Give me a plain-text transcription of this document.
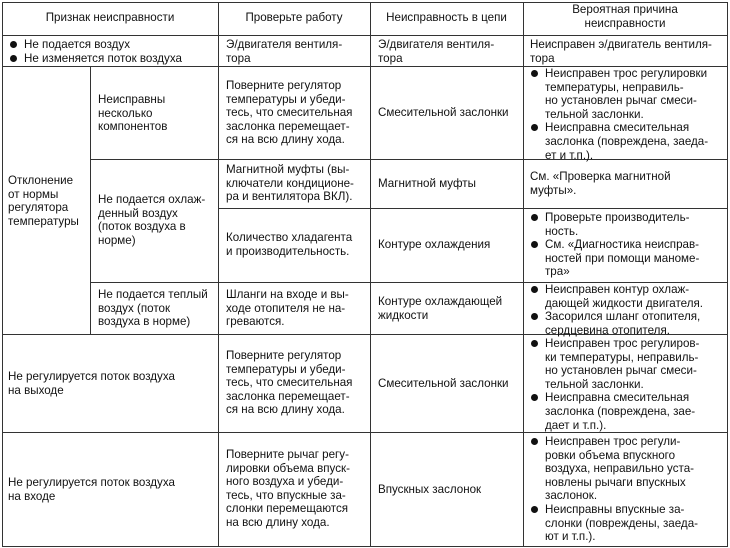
Признак неисправности	Проверьте работу	Неисправность в цепи
Вероятная причина
неисправности
Не подается воздух
Не изменяется поток воздуха
Э/двигателя вентиля-
тора
Э/двигателя вентиля-
тора
Неисправен э/двигатель вентиля-
тора
Отклонение
от нормы
регулятора
температуры
Неисправны
несколько
компонентов
Поверните регулятор
температуры и убеди-
тесь, что смесительная
заслонка перемещает-
ся на всю длину хода.
Смесительной заслонки
Неисправен трос регулировки
температуры, неправиль-
но установлен рычаг смеси-
тельной заслонки.
Неисправна смесительная
заслонка (повреждена, заеда-
ет и т.п.).
Не подается охлаж-
денный воздух
(поток воздуха в
норме)
Магнитной муфты (вы-
ключатели кондиционе-
ра и вентилятора ВКЛ).
Магнитной муфты
См. «Проверка магнитной
муфты».
Количество хладагента
и производительность.
Контуре охлаждения
Проверьте производитель-
ность.
См. «Диагностика неисправ-
ностей при помощи маноме-
тра»
Не подается теплый
воздух (поток
воздуха в норме)
Шланги на входе и вы-
ходе отопителя не на-
греваются.
Контуре охлаждающей
жидкости
Неисправен контур охлаж-
дающей жидкости двигателя.
Засорился шланг отопителя,
сердцевина отопителя.
Не регулируется поток воздуха
на выходе
Поверните регулятор
температуры и убеди-
тесь, что смесительная
заслонка перемещает-
ся на всю длину хода.
Смесительной заслонки
Неисправен трос регулиров-
ки температуры, неправиль-
но установлен рычаг смеси-
тельной заслонки.
Неисправна смесительная
заслонка (повреждена, зае-
дает и т.п.).
Не регулируется поток воздуха
на входе
Поверните рычаг регу-
лировки объема впуск-
ного воздуха и убеди-
тесь, что впускные за-
слонки перемещаются
на всю длину хода.
Впускных заслонок
Неисправен трос регули-
ровки объема впускного
воздуха, неправильно уста-
новлены рычаги впускных
заслонок.
Неисправны впускные за-
слонки (повреждены, заеда-
ют и т.п.).
